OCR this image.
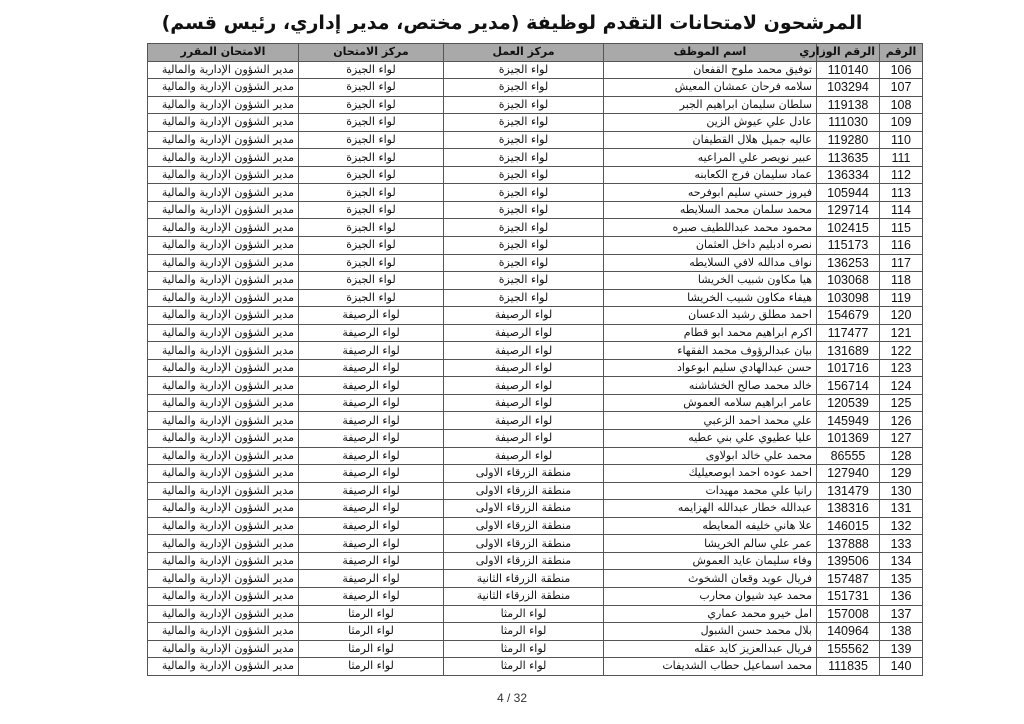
المرشحون لامتحانات التقدم لوظيفة (مدير مختص، مدير إداري، رئيس قسم)
الرقم	الرقم الوزاري	اسم الموظف	مركز العمل	مركز الامتحان	الامتحان المقرر
106	110140	توفيق محمد ملوح القفعان	لواء الجيزة	لواء الجيزة	مدير الشؤون الإدارية والمالية
107	103294	سلامه فرحان عمشان المعيش	لواء الجيزة	لواء الجيزة	مدير الشؤون الإدارية والمالية
108	119138	سلطان سليمان ابراهيم الجبر	لواء الجيزة	لواء الجيزة	مدير الشؤون الإدارية والمالية
109	111030	عادل علي عيوش الزين	لواء الجيزة	لواء الجيزة	مدير الشؤون الإدارية والمالية
110	119280	عاليه جميل هلال القطيفان	لواء الجيزة	لواء الجيزة	مدير الشؤون الإدارية والمالية
111	113635	عبير نويصر علي المراعيه	لواء الجيزة	لواء الجيزة	مدير الشؤون الإدارية والمالية
112	136334	عماد سليمان فرج الكعابنه	لواء الجيزة	لواء الجيزة	مدير الشؤون الإدارية والمالية
113	105944	فيروز حسني سليم ابوفرحه	لواء الجيزة	لواء الجيزة	مدير الشؤون الإدارية والمالية
114	129714	محمد سلمان محمد السلايطه	لواء الجيزة	لواء الجيزة	مدير الشؤون الإدارية والمالية
115	102415	محمود محمد عبداللطيف صبره	لواء الجيزة	لواء الجيزة	مدير الشؤون الإدارية والمالية
116	115173	نصره ادبليم داخل العثمان	لواء الجيزة	لواء الجيزة	مدير الشؤون الإدارية والمالية
117	136253	نواف مدالله لافي السلايطه	لواء الجيزة	لواء الجيزة	مدير الشؤون الإدارية والمالية
118	103068	هيا مكاون شبيب الخريشا	لواء الجيزة	لواء الجيزة	مدير الشؤون الإدارية والمالية
119	103098	هيفاء مكاون شبيب الخريشا	لواء الجيزة	لواء الجيزة	مدير الشؤون الإدارية والمالية
120	154679	احمد مطلق رشيد الدعسان	لواء الرصيفة	لواء الرصيفة	مدير الشؤون الإدارية والمالية
121	117477	اكرم ابراهيم محمد ابو قطام	لواء الرصيفة	لواء الرصيفة	مدير الشؤون الإدارية والمالية
122	131689	بيان عبدالرؤوف محمد الفقهاء	لواء الرصيفة	لواء الرصيفة	مدير الشؤون الإدارية والمالية
123	101716	حسن عبدالهادي سليم ابوعواد	لواء الرصيفة	لواء الرصيفة	مدير الشؤون الإدارية والمالية
124	156714	خالد محمد صالح الخشاشنه	لواء الرصيفة	لواء الرصيفة	مدير الشؤون الإدارية والمالية
125	120539	عامر ابراهيم سلامه العموش	لواء الرصيفة	لواء الرصيفة	مدير الشؤون الإدارية والمالية
126	145949	علي محمد احمد الزعبي	لواء الرصيفة	لواء الرصيفة	مدير الشؤون الإدارية والمالية
127	101369	عليا عطيوي علي بني عطيه	لواء الرصيفة	لواء الرصيفة	مدير الشؤون الإدارية والمالية
128	86555	محمد علي خالد ابولاوى	لواء الرصيفة	لواء الرصيفة	مدير الشؤون الإدارية والمالية
129	127940	احمد عوده احمد ابوصعيليك	منطقة الزرقاء الاولى	لواء الرصيفة	مدير الشؤون الإدارية والمالية
130	131479	رانيا علي محمد مهيدات	منطقة الزرقاء الاولى	لواء الرصيفة	مدير الشؤون الإدارية والمالية
131	138316	عبدالله خطار عبدالله الهزايمه	منطقة الزرقاء الاولى	لواء الرصيفة	مدير الشؤون الإدارية والمالية
132	146015	علا هاني خليفه المعايطه	منطقة الزرقاء الاولى	لواء الرصيفة	مدير الشؤون الإدارية والمالية
133	137888	عمر علي سالم الخريشا	منطقة الزرقاء الاولى	لواء الرصيفة	مدير الشؤون الإدارية والمالية
134	139506	وفاء سليمان عايد العموش	منطقة الزرقاء الاولى	لواء الرصيفة	مدير الشؤون الإدارية والمالية
135	157487	فريال عويد وقعان الشخوث	منطقة الزرقاء الثانية	لواء الرصيفة	مدير الشؤون الإدارية والمالية
136	151731	محمد عيد شيوان محارب	منطقة الزرقاء الثانية	لواء الرصيفة	مدير الشؤون الإدارية والمالية
137	157008	امل خيرو محمد عماري	لواء الرمثا	لواء الرمثا	مدير الشؤون الإدارية والمالية
138	140964	بلال محمد حسن الشبول	لواء الرمثا	لواء الرمثا	مدير الشؤون الإدارية والمالية
139	155562	فريال عبدالعزيز كايد عقله	لواء الرمثا	لواء الرمثا	مدير الشؤون الإدارية والمالية
140	111835	محمد اسماعيل حطاب الشديفات	لواء الرمثا	لواء الرمثا	مدير الشؤون الإدارية والمالية
4 / 32
